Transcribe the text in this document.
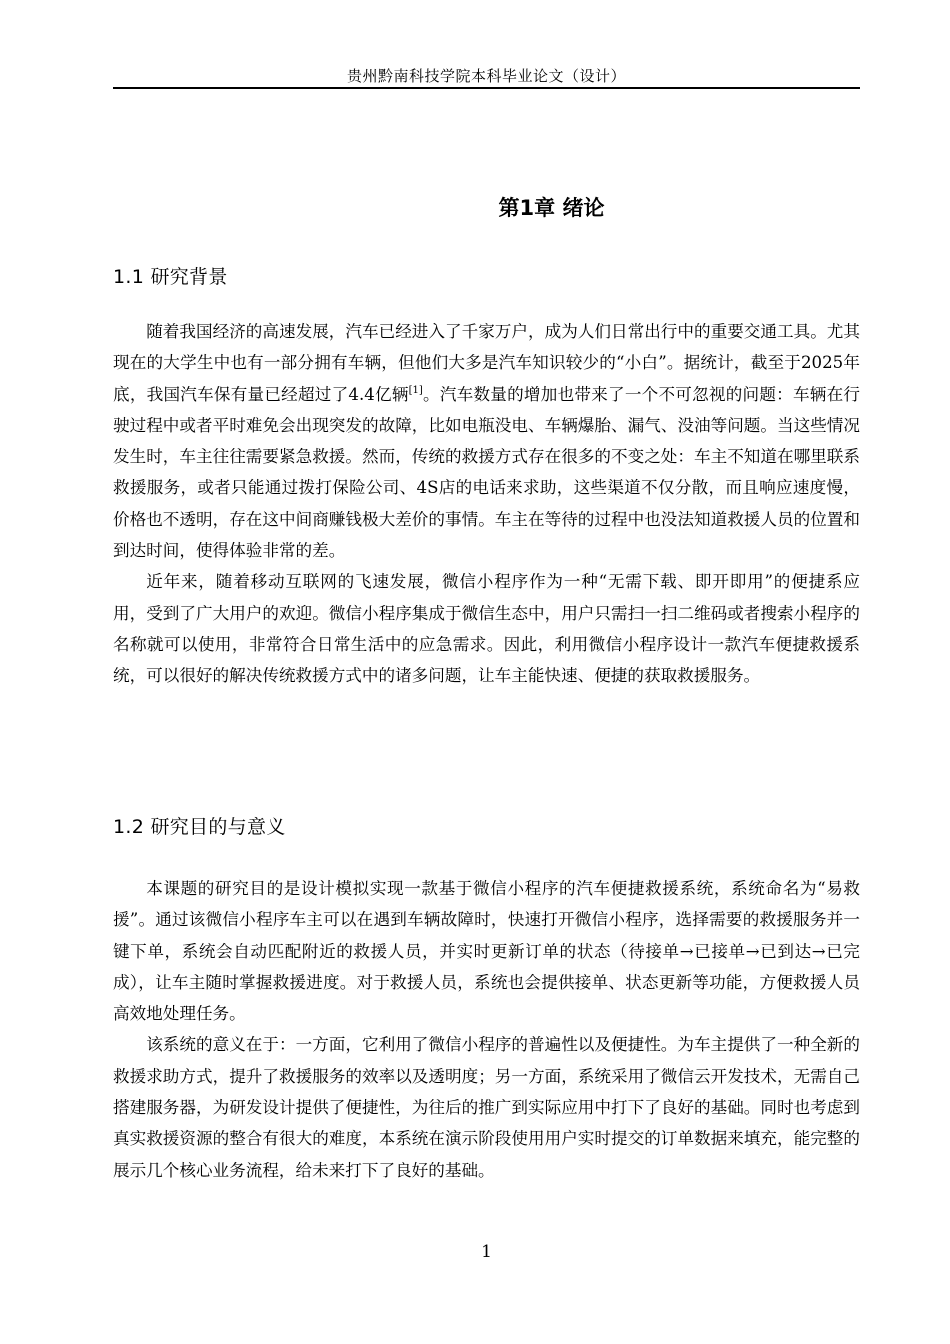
贵州黔南科技学院本科毕业论文（设计）
第1章 绪论
1.1 研究背景

随着我国经济的高速发展，汽车已经进入了千家万户，成为人们日常出行中的重要交通工具。尤其现在的大学生中也有一部分拥有车辆，但他们大多是汽车知识较少的“小白”。据统计，截至于2025年底，我国汽车保有量已经超过了4.4亿辆[1]。汽车数量的增加也带来了一个不可忽视的问题：车辆在行驶过程中或者平时难免会出现突发的故障，比如电瓶没电、车辆爆胎、漏气、没油等问题。当这些情况发生时，车主往往需要紧急救援。然而，传统的救援方式存在很多的不变之处：车主不知道在哪里联系救援服务，或者只能通过拨打保险公司、4S店的电话来求助，这些渠道不仅分散，而且响应速度慢，价格也不透明，存在这中间商赚钱极大差价的事情。车主在等待的过程中也没法知道救援人员的位置和到达时间，使得体验非常的差。

近年来，随着移动互联网的飞速发展，微信小程序作为一种“无需下载、即开即用”的便捷系应用，受到了广大用户的欢迎。微信小程序集成于微信生态中，用户只需扫一扫二维码或者搜索小程序的名称就可以使用，非常符合日常生活中的应急需求。因此，利用微信小程序设计一款汽车便捷救援系统，可以很好的解决传统救援方式中的诸多问题，让车主能快速、便捷的获取救援服务。

1.2 研究目的与意义

本课题的研究目的是设计模拟实现一款基于微信小程序的汽车便捷救援系统，系统命名为“易救援”。通过该微信小程序车主可以在遇到车辆故障时，快速打开微信小程序，选择需要的救援服务并一键下单，系统会自动匹配附近的救援人员，并实时更新订单的状态（待接单→已接单→已到达→已完成），让车主随时掌握救援进度。对于救援人员，系统也会提供接单、状态更新等功能，方便救援人员高效地处理任务。

该系统的意义在于：一方面，它利用了微信小程序的普遍性以及便捷性。为车主提供了一种全新的救援求助方式，提升了救援服务的效率以及透明度；另一方面，系统采用了微信云开发技术，无需自己搭建服务器，为研发设计提供了便捷性，为往后的推广到实际应用中打下了良好的基础。同时也考虑到真实救援资源的整合有很大的难度，本系统在演示阶段使用用户实时提交的订单数据来填充，能完整的展示几个核心业务流程，给未来打下了良好的基础。

1
